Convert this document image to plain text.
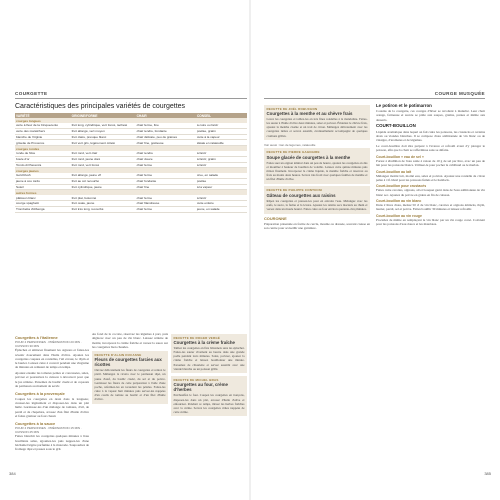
COURGETTE
Caractéristiques des principales variétés de courgettes
VARIÉTÉ	ORIGINE/FORME	CHAIR	CONSEIL
courges longues			
verte à fleur de la Cinquecento	fruit long, cylindrique, vert foncé, tacheté	chair ferme, fine	à cuire ou farcir
verte des maraîchers	fruit allongé, vert moyen	chair tendre, fondante	poêlée, gratin
blanche de Virginie	fruit claire, presque blanc	chair délicate, peu de graines	cuite à la vapeur
grisette de Provence	fruit vert gris, légèrement côtelé	chair fine, goûteuse	idéale en ratatouille
courges rondes			
ronde de Nice	fruit rond, vert clair	chair tendre	à farcir
boule d'or	fruit rond, jaune doré	chair douce	à farcir, gratin
Tondo di Piacenza	fruit rond, vert foncé	chair ferme	à farcir
courges jaunes			
Gold Rush	fruit allongé, jaune vif	chair ferme	crue, en salade
jaune à cou tordu	fruit au col recourbé	chair fondante	poêlée
Soleil	fruit cylindrique, jaune	chair fine	à la vapeur
autres formes			
pâtisson blanc	fruit plat, festonné	chair ferme	à farcir
courge spaghetti	fruit ovale, jaune	chair filandreuse	cuite entière
Trombetta d'Albenga	fruit très long, recourbé	chair ferme	jeune, en salade
Courgettes à l'italienne
POUR 4 PERSONNES · PRÉPARATION 20 MIN · CUISSON 30 MIN
Épluchez et émincez finement les oignons et faites-les revenir doucement dans l'huile d'olive. Ajoutez les courgettes coupées en rondelles, l'ail écrasé, le thym et le laurier. Laissez cuire à couvert pendant une vingtaine de minutes en remuant de temps en temps.
Ajoutez ensuite les tomates pelées et concassées, salez, poivrez et poursuivez la cuisson à découvert pour que le jus réduise. Parsemez de basilic ciselé et de copeaux de parmesan au moment de servir.
Courgettes à la provençale
Coupez les courgettes en deux dans la longueur, creusez-les légèrement et disposez-les dans un plat huilé. Garnissez-les d'un mélange de tomates, d'ail, de persil et de chapelure, arrosez d'un filet d'huile d'olive et faites gratiner au four chaud.
Courgettes à la sauce
POUR 4 PERSONNES · PRÉPARATION 15 MIN · CUISSON 25 MIN
Faites blanchir les courgettes quelques minutes à l'eau bouillante salée, égouttez-les puis nappez-les d'une béchamel légère parfumée à la muscade. Saupoudrez de fromage râpé et passez sous le gril.
Au fond de la cocotte, réservez les légumes à part, puis déglacez avec un peu de vin blanc. Laissez réduire de moitié, incorporez la crème fraîche et versez la sauce sur les courgettes bien chaudes.
RECETTE D'ALAIN DUCASSE
Fleurs de courgettes farcies aux ricottes
Ouvrez délicatement les fleurs de courgettes et retirez le pistil. Mélangez la ricotta avec le parmesan râpé, un jaune d'œuf, du basilic ciselé, du sel et du poivre. Garnissez les fleurs de cette préparation à l'aide d'une poche, refermez-les en torsadant les pétales. Faites-les cuire à la vapeur huit minutes puis servez-les nappées d'un coulis de tomate au basilic et d'un filet d'huile d'olive.
RECETTE DE ROGER VERGÉ
Courgettes à la crème fraîche
Taillez les courgettes en fins bâtonnets sans les éplucher. Faites-les sauter vivement au beurre dans une grande poêle pendant trois minutes. Salez, poivrez, ajoutez la crème fraîche et laissez bouillonner une minute. Parsemez de ciboulette et servez aussitôt avec une viande blanche ou un poisson grillé.
RECETTE DE MICHEL BRAS
Courgettes au four, crème d'herbes
Préchauffez le four. Coupez les courgettes en tronçons, disposez-les dans un plat, arrosez d'huile d'olive et enfournez. Pendant ce temps, mixez les herbes fraîches avec la crème. Servez les courgettes rôties nappées de cette crème.
384
COURGE MUSQUÉE
RECETTE DE JOËL ROBUCHON
Courgettes à la menthe et au chèvre frais
Lavez les courgettes et taillez-les en très fines rondelles à la mandoline. Faites-les sauter à l'huile d'olive deux minutes, salez et poivrez. Émiettez le chèvre frais, ajoutez la menthe ciselée et un trait de citron. Mélangez délicatement avec les courgettes tièdes et servez aussitôt, éventuellement accompagné de quelques croûtons grillés.
Voir aussi : tian de légumes, ratatouille
RECETTE DE PIERRE GAGNAIRE
Soupe glacée de courgettes à la menthe
Faites suer un oignon émincé dans un peu de beurre, ajoutez les courgettes en dés et mouillez à hauteur de bouillon de volaille. Laissez cuire quinze minutes puis mixez finement. Incorporez la crème liquide, la menthe fraîche et réservez au frais au moins deux heures. Servez très froid avec quelques feuilles de menthe et un filet d'huile d'olive.
RECETTE DE PHILIPPE CONTICINI
Gâteau de courgettes aux raisins
Râpez les courgettes et pressez-les pour en extraire l'eau. Mélangez avec les œufs, le sucre, la farine et la levure. Ajoutez les raisins secs macérés au rhum et versez dans un moule beurré. Faites cuire au four environ quarante-cinq minutes.
COURONNE
Préparation présentée en forme de cercle, moulée ou dressée, souvent creuse en son centre pour accueillir une garniture.
Le potiron et le potimarron
Cousins de la courgette, ces courges d'hiver se récoltent à maturité. Leur chair orange, farineuse et sucrée se prête aux soupes, gratins, purées et même aux desserts.
COURT-BOUILLON
Liquide aromatique dans lequel on fait cuire les poissons, les crustacés et certains abats ou viandes blanches. Il se compose d'eau additionnée de vin blanc ou de vinaigre, d'aromates et de légumes.
Le court-bouillon doit être préparé à l'avance et refroidi avant d'y plonger le poisson, afin que la chair se raffermisse sans se défaire.
Court-bouillon « eau de sel »
Portez à ébullition de l'eau salée à raison de 10 g de sel par litre, avec un peu de lait pour les poissons blancs. Utilisez-le pour pocher le cabillaud ou le merlan.
Court-bouillon au lait
Mélangez moitié lait, moitié eau, salez et poivrez. Ajoutez une rondelle de citron pelée à vif. Idéal pour les poissons fumés et le haddock.
Court-bouillon pour crustacés
Faites cuire carottes, oignons, ail et bouquet garni dans de l'eau additionnée de vin blanc sec. Ajoutez du poivre en grains en fin de cuisson.
Court-bouillon au vin blanc
Dans 2 litres d'eau, mettez 50 cl de vin blanc, carottes et oignons émincés, thym, laurier, persil, sel et poivre. Faites bouillir 30 minutes et laissez refroidir.
Court-bouillon au vin rouge
Procédez de même en remplaçant le vin blanc par un vin rouge corsé. Convient pour les poissons d'eau douce et les matelotes.
385
